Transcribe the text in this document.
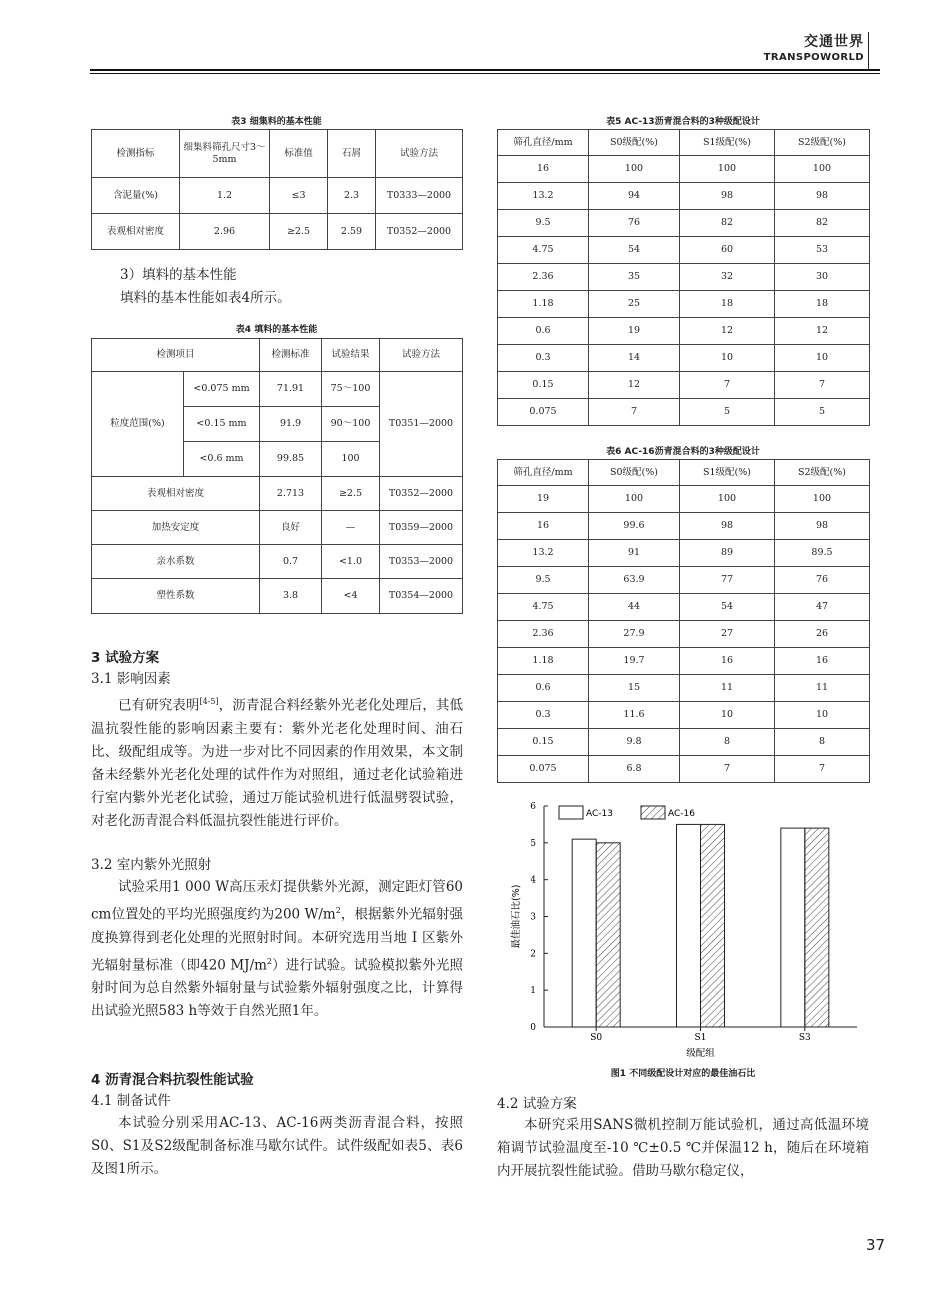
交通世界
TRANSPOWORLD
表3 细集料的基本性能
检测指标	细集料筛孔尺寸3～5mm	标准值	石屑	试验方法
含泥量(%)	1.2	≤3	2.3	T0333—2000
表观相对密度	2.96	≥2.5	2.59	T0352—2000
3）填料的基本性能
填料的基本性能如表4所示。
表4 填料的基本性能
检测项目		检测标准	试验结果	试验方法
粒度范围(%)	<0.075 mm	71.91	75～100	T0351—2000
	<0.15 mm	91.9	90～100	
	<0.6 mm	99.85	100	
表观相对密度		2.713	≥2.5	T0352—2000
加热安定度		良好	—	T0359—2000
亲水系数		0.7	<1.0	T0353—2000
塑性系数		3.8	<4	T0354—2000
3 试验方案
3.1 影响因素
已有研究表明[4-5]，沥青混合料经紫外光老化处理后，其低温抗裂性能的影响因素主要有：紫外光老化处理时间、油石比、级配组成等。为进一步对比不同因素的作用效果，本文制备未经紫外光老化处理的试件作为对照组，通过老化试验箱进行室内紫外光老化试验，通过万能试验机进行低温劈裂试验，对老化沥青混合料低温抗裂性能进行评价。
3.2 室内紫外光照射
试验采用1 000 W高压汞灯提供紫外光源，测定距灯管60 cm位置处的平均光照强度约为200 $W/m^2$，根据紫外光辐射强度换算得到老化处理的光照射时间。本研究选用当地 Ⅰ 区紫外光辐射量标准（即420 $MJ/m^2$）进行试验。试验模拟紫外光照射时间为总自然紫外辐射量与试验紫外辐射强度之比，计算得出试验光照583 h等效于自然光照1年。
4 沥青混合料抗裂性能试验
4.1 制备试件
本试验分别采用AC-13、AC-16两类沥青混合料，按照S0、S1及S2级配制备标准马歇尔试件。试件级配如表5、表6及图1所示。
4.2 试验方案
本研究采用SANS微机控制万能试验机，通过高低温环境箱调节试验温度至-10 ℃±0.5 ℃并保温12 h，随后在环境箱内开展抗裂性能试验。借助马歇尔稳定仪，
表5 AC-13沥青混合料的3种级配设计
筛孔直径/mm	S0级配(%)	S1级配(%)	S2级配(%)
16	100	100	100
13.2	94	98	98
9.5	76	82	82
4.75	54	60	53
2.36	35	32	30
1.18	25	18	18
0.6	19	12	12
0.3	14	10	10
0.15	12	7	7
0.075	7	5	5
表6 AC-16沥青混合料的3种级配设计
筛孔直径/mm	S0级配(%)	S1级配(%)	S2级配(%)
19	100	100	100
16	99.6	98	98
13.2	91	89	89.5
9.5	63.9	77	76
4.75	44	54	47
2.36	27.9	27	26
1.18	19.7	16	16
0.6	15	11	11
0.3	11.6	10	10
0.15	9.8	8	8
0.075	6.8	7	7
0
1
2
3
4
5
6
最佳油石比(%)
S0	S1	S3
级配组
AC-13	AC-16
图1 不同级配设计对应的最佳油石比
37
